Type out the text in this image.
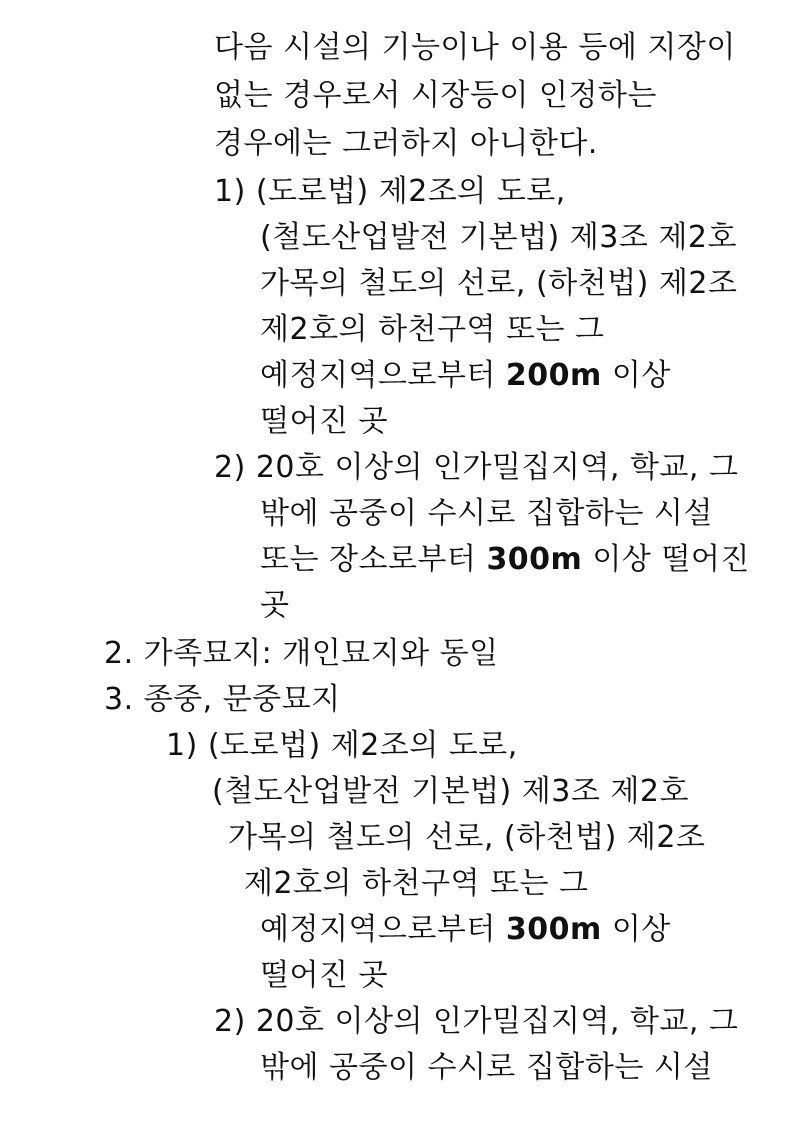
다음 시설의 기능이나 이용 등에 지장이
없는 경우로서 시장등이 인정하는
경우에는 그러하지 아니한다.
1) (도로법) 제2조의 도로,
(철도산업발전 기본법) 제3조 제2호
가목의 철도의 선로, (하천법) 제2조
제2호의 하천구역 또는 그
예정지역으로부터 200m 이상
떨어진 곳
2) 20호 이상의 인가밀집지역, 학교, 그
밖에 공중이 수시로 집합하는 시설
또는 장소로부터 300m 이상 떨어진
곳
2. 가족묘지: 개인묘지와 동일
3. 종중, 문중묘지
1) (도로법) 제2조의 도로,
(철도산업발전 기본법) 제3조 제2호
가목의 철도의 선로, (하천법) 제2조
제2호의 하천구역 또는 그
예정지역으로부터 300m 이상
떨어진 곳
2) 20호 이상의 인가밀집지역, 학교, 그
밖에 공중이 수시로 집합하는 시설
